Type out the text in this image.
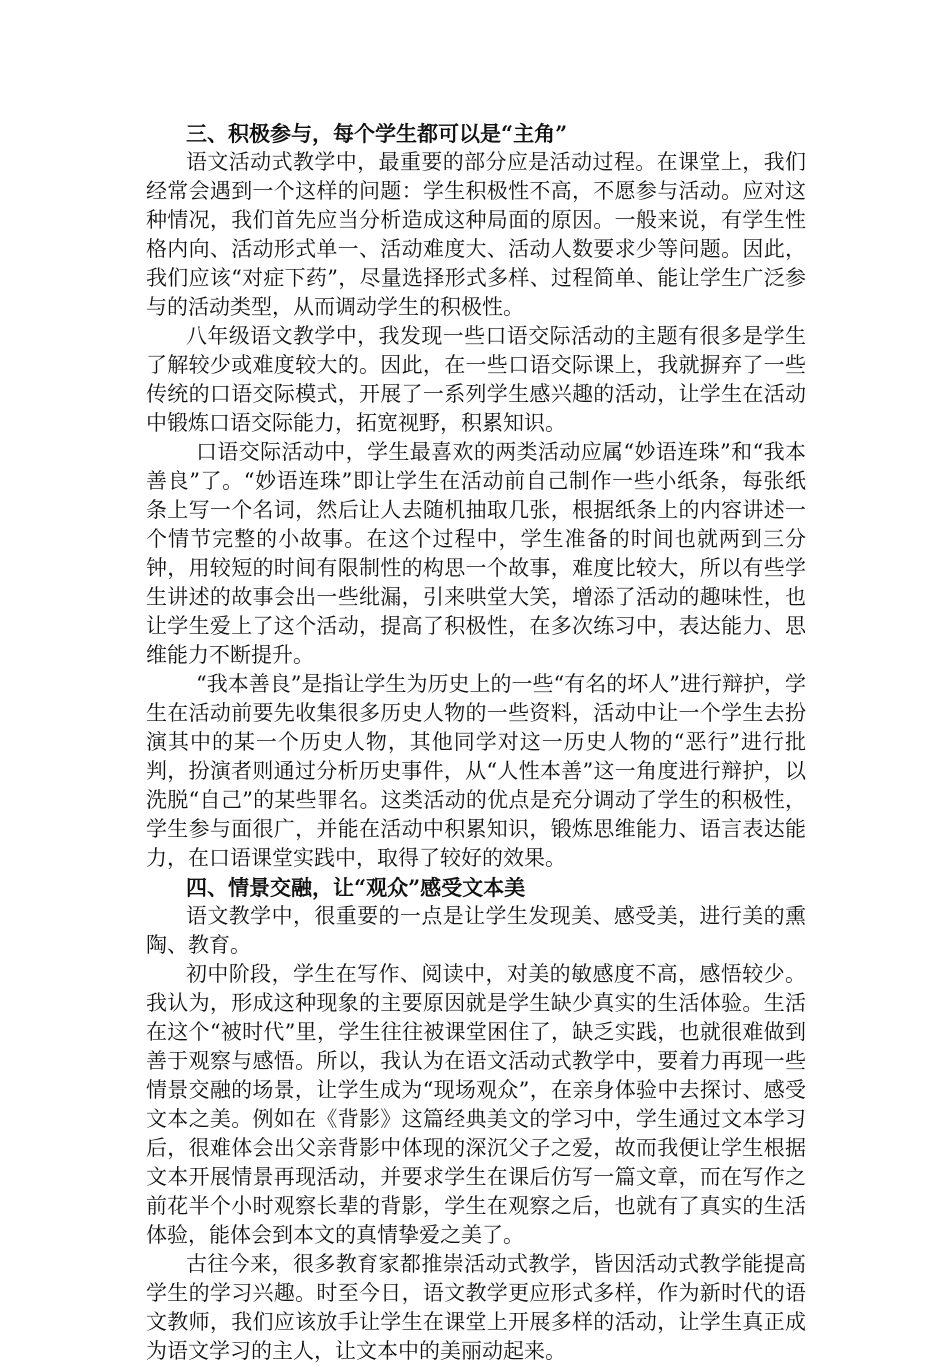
三、积极参与，每个学生都可以是“主角”

语文活动式教学中，最重要的部分应是活动过程。在课堂上，我们经常会遇到一个这样的问题：学生积极性不高，不愿参与活动。应对这种情况，我们首先应当分析造成这种局面的原因。一般来说，有学生性格内向、活动形式单一、活动难度大、活动人数要求少等问题。因此，我们应该“对症下药”，尽量选择形式多样、过程简单、能让学生广泛参与的活动类型，从而调动学生的积极性。

八年级语文教学中，我发现一些口语交际活动的主题有很多是学生了解较少或难度较大的。因此，在一些口语交际课上，我就摒弃了一些传统的口语交际模式，开展了一系列学生感兴趣的活动，让学生在活动中锻炼口语交际能力，拓宽视野，积累知识。

口语交际活动中，学生最喜欢的两类活动应属“妙语连珠”和“我本善良”了。“妙语连珠”即让学生在活动前自己制作一些小纸条，每张纸条上写一个名词，然后让人去随机抽取几张，根据纸条上的内容讲述一个情节完整的小故事。在这个过程中，学生准备的时间也就两到三分钟，用较短的时间有限制性的构思一个故事，难度比较大，所以有些学生讲述的故事会出一些纰漏，引来哄堂大笑，增添了活动的趣味性，也让学生爱上了这个活动，提高了积极性，在多次练习中，表达能力、思维能力不断提升。

“我本善良”是指让学生为历史上的一些“有名的坏人”进行辩护，学生在活动前要先收集很多历史人物的一些资料，活动中让一个学生去扮演其中的某一个历史人物，其他同学对这一历史人物的“恶行”进行批判，扮演者则通过分析历史事件，从“人性本善”这一角度进行辩护，以洗脱“自己”的某些罪名。这类活动的优点是充分调动了学生的积极性，学生参与面很广，并能在活动中积累知识，锻炼思维能力、语言表达能力，在口语课堂实践中，取得了较好的效果。

四、情景交融，让“观众”感受文本美

语文教学中，很重要的一点是让学生发现美、感受美，进行美的熏陶、教育。

初中阶段，学生在写作、阅读中，对美的敏感度不高，感悟较少。我认为，形成这种现象的主要原因就是学生缺少真实的生活体验。生活在这个“被时代”里，学生往往被课堂困住了，缺乏实践，也就很难做到善于观察与感悟。所以，我认为在语文活动式教学中，要着力再现一些情景交融的场景，让学生成为“现场观众”，在亲身体验中去探讨、感受文本之美。例如在《背影》这篇经典美文的学习中，学生通过文本学习后，很难体会出父亲背影中体现的深沉父子之爱，故而我便让学生根据文本开展情景再现活动，并要求学生在课后仿写一篇文章，而在写作之前花半个小时观察长辈的背影，学生在观察之后，也就有了真实的生活体验，能体会到本文的真情挚爱之美了。

古往今来，很多教育家都推崇活动式教学，皆因活动式教学能提高学生的学习兴趣。时至今日，语文教学更应形式多样，作为新时代的语文教师，我们应该放手让学生在课堂上开展多样的活动，让学生真正成为语文学习的主人，让文本中的美丽动起来。
